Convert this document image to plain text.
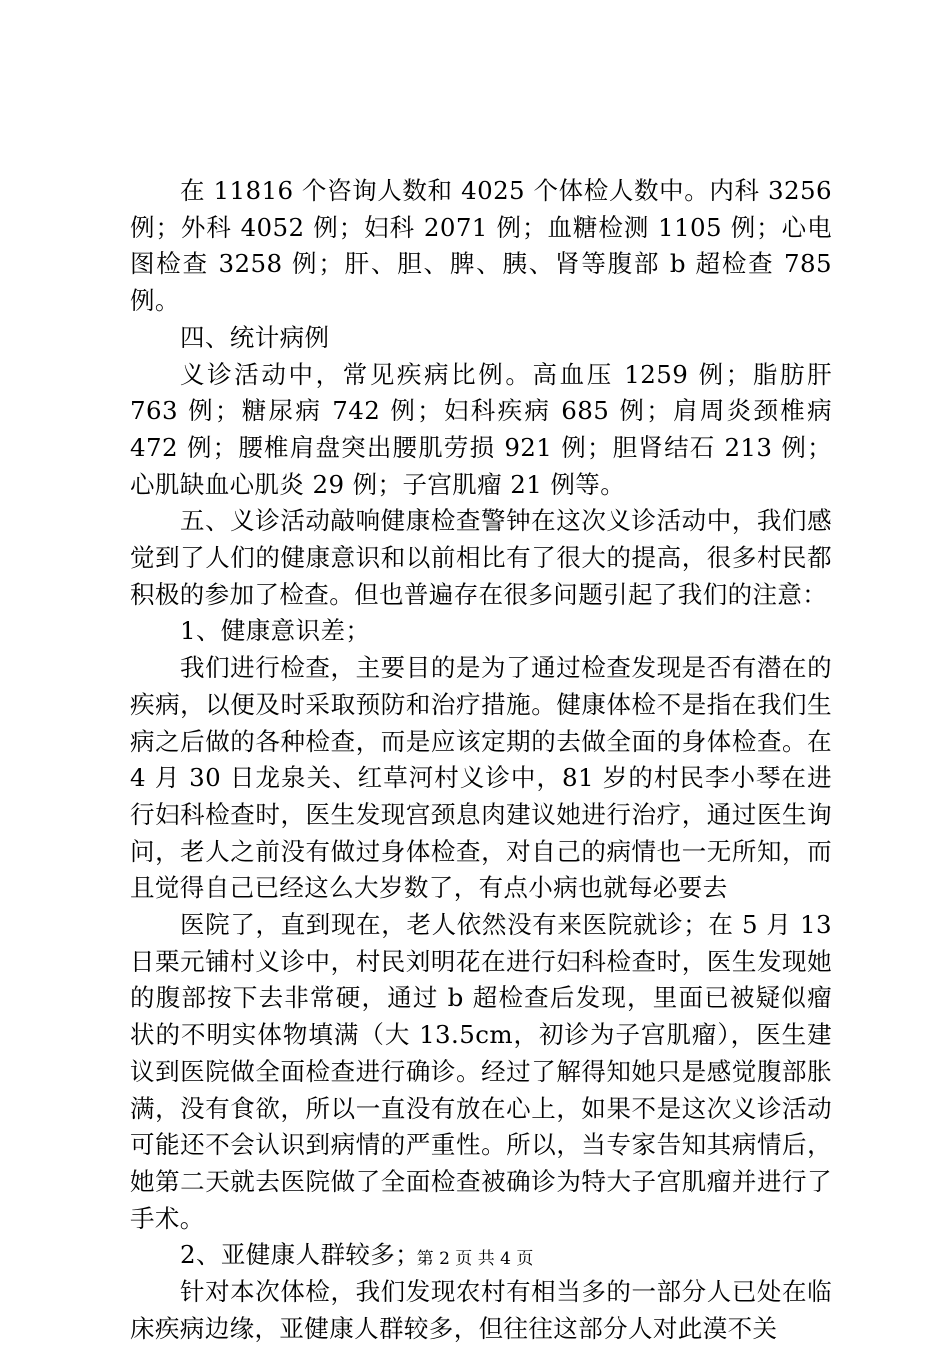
在 11816 个咨询人数和 4025 个体检人数中。内科 3256 例；外科 4052 例；妇科 2071 例；血糖检测 1105 例；心电图检查 3258 例；肝、胆、脾、胰、肾等腹部 b 超检查 785 例。

四、统计病例

义诊活动中，常见疾病比例。高血压 1259 例；脂肪肝 763 例；糖尿病 742 例；妇科疾病 685 例；肩周炎颈椎病 472 例；腰椎肩盘突出腰肌劳损 921 例；胆肾结石 213 例；心肌缺血心肌炎 29 例；子宫肌瘤 21 例等。

五、义诊活动敲响健康检查警钟在这次义诊活动中，我们感觉到了人们的健康意识和以前相比有了很大的提高，很多村民都积极的参加了检查。但也普遍存在很多问题引起了我们的注意：

1、健康意识差；

我们进行检查，主要目的是为了通过检查发现是否有潜在的疾病，以便及时采取预防和治疗措施。健康体检不是指在我们生病之后做的各种检查，而是应该定期的去做全面的身体检查。在 4 月 30 日龙泉关、红草河村义诊中，81 岁的村民李小琴在进行妇科检查时，医生发现宫颈息肉建议她进行治疗，通过医生询问，老人之前没有做过身体检查，对自己的病情也一无所知，而且觉得自己已经这么大岁数了，有点小病也就每必要去

医院了，直到现在，老人依然没有来医院就诊；在 5 月 13 日栗元铺村义诊中，村民刘明花在进行妇科检查时，医生发现她的腹部按下去非常硬，通过 b 超检查后发现，里面已被疑似瘤状的不明实体物填满（大 13.5cm，初诊为子宫肌瘤），医生建议到医院做全面检查进行确诊。经过了解得知她只是感觉腹部胀满，没有食欲，所以一直没有放在心上，如果不是这次义诊活动可能还不会认识到病情的严重性。所以，当专家告知其病情后，她第二天就去医院做了全面检查被确诊为特大子宫肌瘤并进行了手术。

2、亚健康人群较多；

针对本次体检，我们发现农村有相当多的一部分人已处在临床疾病边缘，亚健康人群较多，但往往这部分人对此漠不关

第 2 页 共 4 页
